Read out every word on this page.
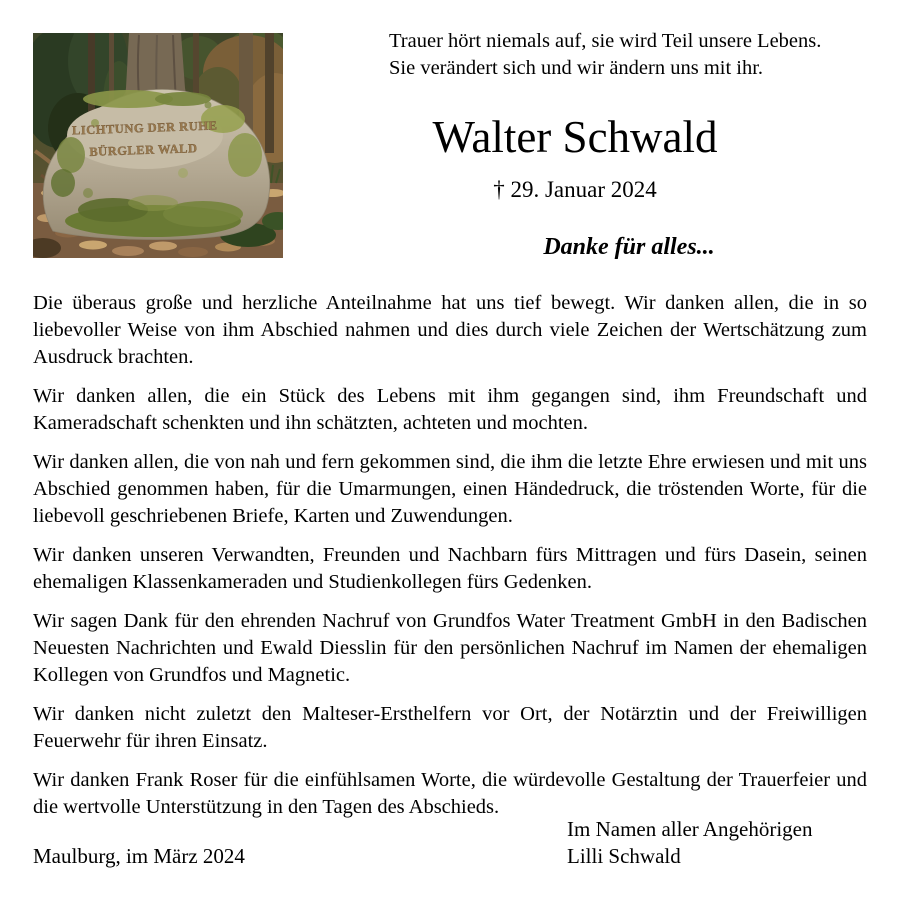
LICHTUNG DER RUHE
BÜRGLER WALD
Trauer hört niemals auf, sie wird Teil unsere Lebens.
Sie verändert sich und wir ändern uns mit ihr.
Walter Schwald
† 29. Januar 2024
Danke für alles...

Die überaus große und herzliche Anteilnahme hat uns tief bewegt. Wir danken allen, die in so liebevoller Weise von ihm Abschied nahmen und dies durch viele Zeichen der Wertschätzung zum Ausdruck brachten.

Wir danken allen, die ein Stück des Lebens mit ihm gegangen sind, ihm Freundschaft und Kameradschaft schenkten und ihn schätzten, achteten und mochten.

Wir danken allen, die von nah und fern gekommen sind, die ihm die letzte Ehre erwiesen und mit uns Abschied genommen haben, für die Umarmungen, einen Händedruck, die tröstenden Worte, für die liebevoll geschriebenen Briefe, Karten und Zuwendungen.

Wir danken unseren Verwandten, Freunden und Nachbarn fürs Mittragen und fürs Dasein, seinen ehemaligen Klassenkameraden und Studienkollegen fürs Gedenken.

Wir sagen Dank für den ehrenden Nachruf von Grundfos Water Treatment GmbH in den Badischen Neuesten Nachrichten und Ewald Diesslin für den persönlichen Nachruf im Namen der ehemaligen Kollegen von Grundfos und Magnetic.

Wir danken nicht zuletzt den Malteser-Ersthelfern vor Ort, der Notärztin und der Freiwilligen Feuerwehr für ihren Einsatz.

Wir danken Frank Roser für die einfühlsamen Worte, die würdevolle Gestaltung der Trauerfeier und die wertvolle Unterstützung in den Tagen des Abschieds.

Maulburg, im März 2024
Im Namen aller Angehörigen
Lilli Schwald
